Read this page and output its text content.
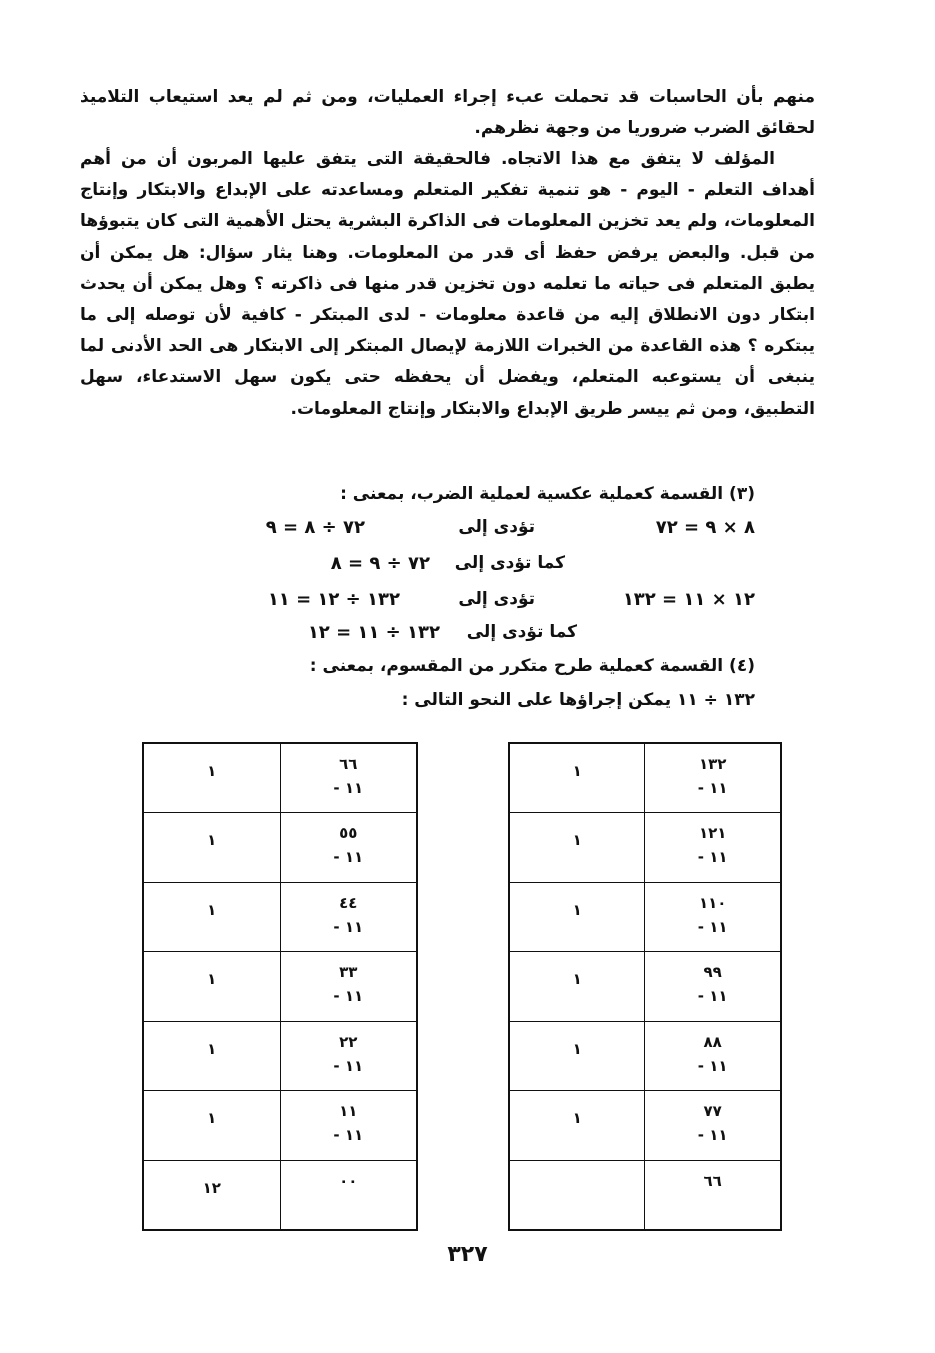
منهم بأن الحاسبات قد تحملت عبء إجراء العمليات، ومن ثم لم يعد استيعاب التلاميذ لحقائق الضرب ضروريا من وجهة نظرهم.

المؤلف لا يتفق مع هذا الاتجاه. فالحقيقة التى يتفق عليها المربون أن من أهم أهداف التعلم - اليوم - هو تنمية تفكير المتعلم ومساعدته على الإبداع والابتكار وإنتاج المعلومات، ولم يعد تخزين المعلومات فى الذاكرة البشرية يحتل الأهمية التى كان يتبوؤها من قبل. والبعض يرفض حفظ أى قدر من المعلومات. وهنا يثار سؤال: هل يمكن أن يطبق المتعلم فى حياته ما تعلمه دون تخزين قدر منها فى ذاكرته ؟ وهل يمكن أن يحدث ابتكار دون الانطلاق إليه من قاعدة معلومات - لدى المبتكر - كافية لأن توصله إلى ما يبتكره ؟ هذه القاعدة من الخبرات اللازمة لإيصال المبتكر إلى الابتكار هى الحد الأدنى لما ينبغى أن يستوعبه المتعلم، ويفضل أن يحفظه حتى يكون سهل الاستدعاء، سهل التطبيق، ومن ثم ييسر طريق الإبداع والابتكار وإنتاج المعلومات.

(٣) القسمة كعملية عكسية لعملية الضرب، بمعنى :

٨ × ٩ = ٧٢
تؤدى إلى
٧٢ ÷ ٨ = ٩
كما تؤدى إلى
٧٢ ÷ ٩ = ٨
١٢ × ١١ = ١٣٢
تؤدى إلى
١٣٢ ÷ ١٢ = ١١
كما تؤدى إلى
١٣٢ ÷ ١١ = ١٢

(٤) القسمة كعملية طرح متكرر من المقسوم، بمعنى :

١٣٢ ÷ ١١ يمكن إجراؤها على النحو التالى :

١	١٣٢
- ١١

١	١٢١
- ١١

١	١١٠
- ١١

١	٩٩
- ١١

١	٨٨
- ١١

١	٧٧
- ١١

	٦٦
١	٦٦
- ١١

١	٥٥
- ١١

١	٤٤
- ١١

١	٣٣
- ١١

١	٢٢
- ١١

١	١١
- ١١

١٢	٠٠
٣٢٧
